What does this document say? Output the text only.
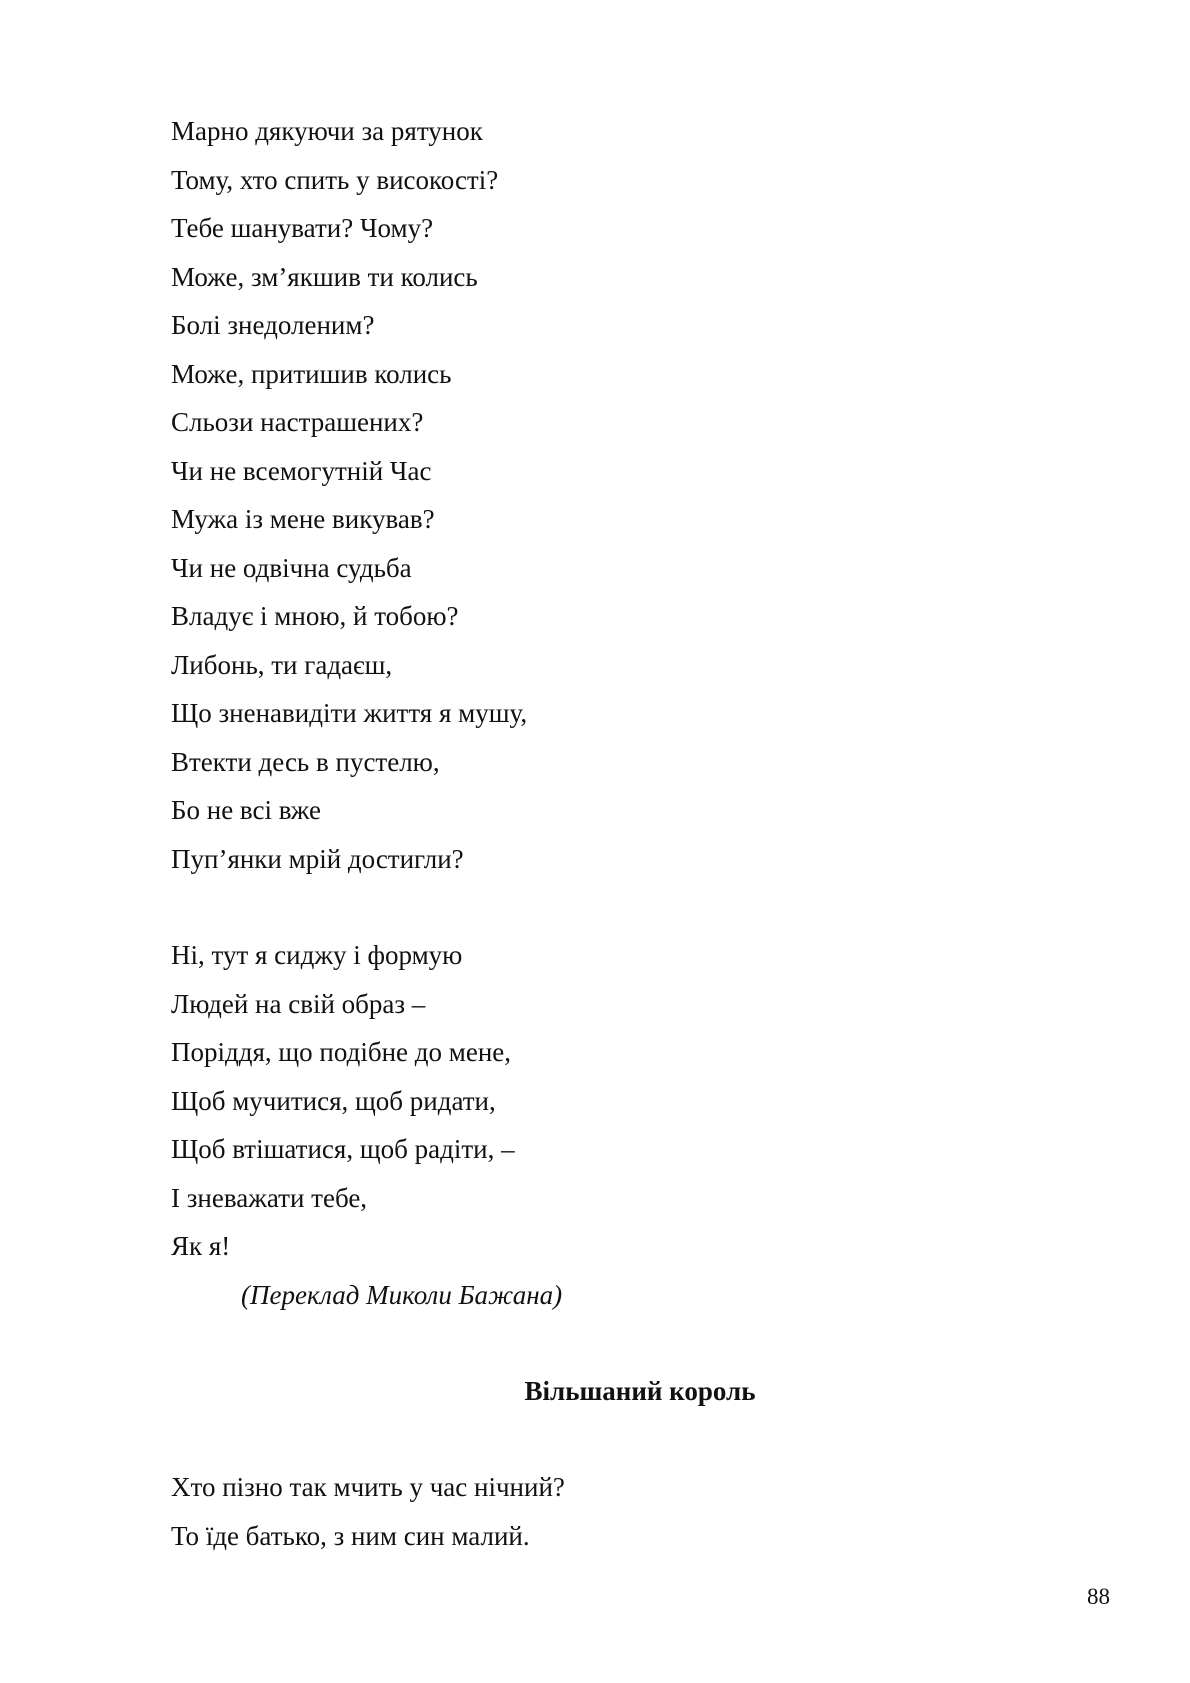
Марно дякуючи за рятунок
Тому, хто спить у високості?
Тебе шанувати? Чому?
Може, зм’якшив ти колись
Болі знедоленим?
Може, притишив колись
Сльози настрашених?
Чи не всемогутній Час
Мужа із мене викував?
Чи не одвічна судьба
Владує і мною, й тобою?
Либонь, ти гадаєш,
Що зненавидіти життя я мушу,
Втекти десь в пустелю,
Бо не всі вже
Пуп’янки мрій достигли?
Ні, тут я сиджу і формую
Людей на свій образ –
Поріддя, що подібне до мене,
Щоб мучитися, щоб ридати,
Щоб втішатися, щоб радіти, –
І зневажати тебе,
Як я!
(Переклад Миколи Бажана)
Вільшаний король
Хто пізно так мчить у час нічний?
То їде батько, з ним син малий.
88
